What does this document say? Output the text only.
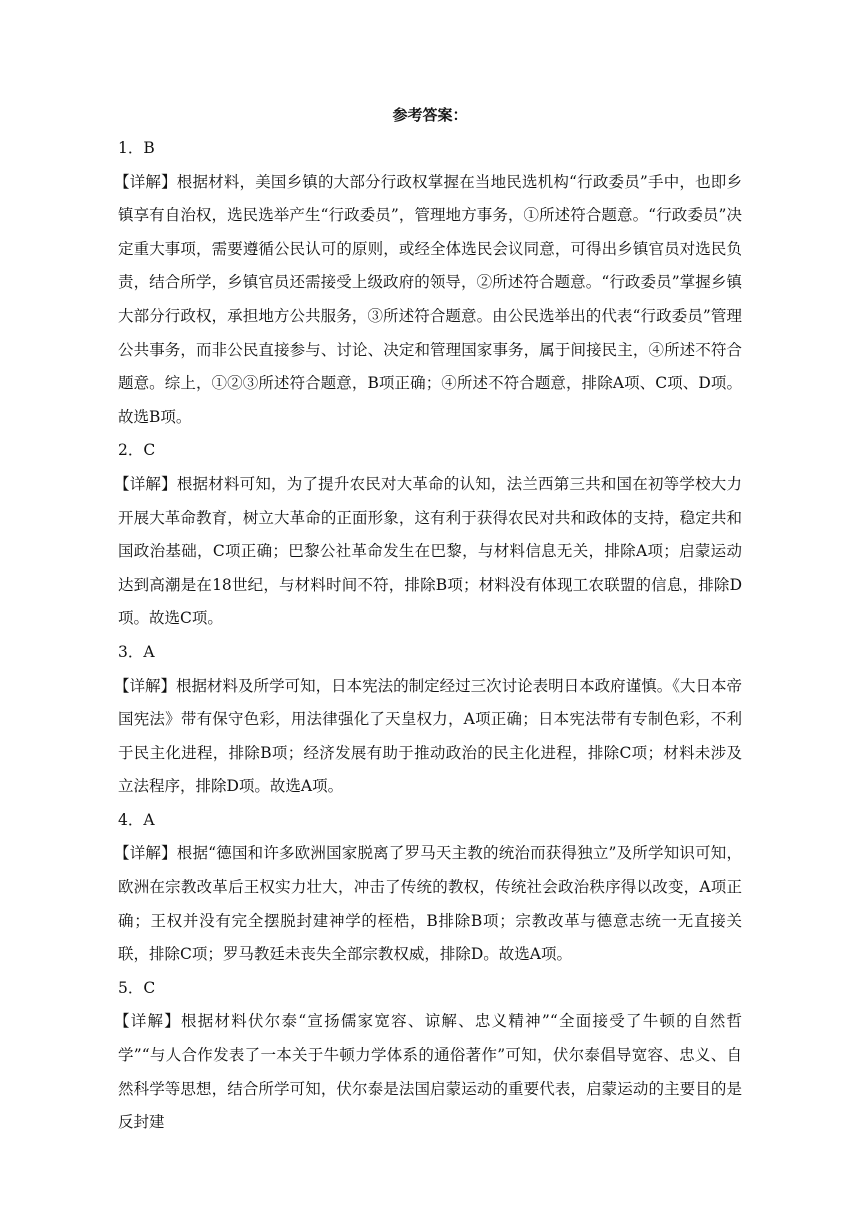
参考答案：

1．B

【详解】根据材料，美国乡镇的大部分行政权掌握在当地民选机构“行政委员”手中，也即乡镇享有自治权，选民选举产生“行政委员”，管理地方事务，①所述符合题意。“行政委员”决定重大事项，需要遵循公民认可的原则，或经全体选民会议同意，可得出乡镇官员对选民负责，结合所学，乡镇官员还需接受上级政府的领导，②所述符合题意。“行政委员”掌握乡镇大部分行政权，承担地方公共服务，③所述符合题意。由公民选举出的代表“行政委员”管理公共事务，而非公民直接参与、讨论、决定和管理国家事务，属于间接民主，④所述不符合题意。综上，①②③所述符合题意，B项正确；④所述不符合题意，排除A项、C项、D项。故选B项。

2．C

【详解】根据材料可知，为了提升农民对大革命的认知，法兰西第三共和国在初等学校大力开展大革命教育，树立大革命的正面形象，这有利于获得农民对共和政体的支持，稳定共和国政治基础，C项正确；巴黎公社革命发生在巴黎，与材料信息无关，排除A项；启蒙运动达到高潮是在18世纪，与材料时间不符，排除B项；材料没有体现工农联盟的信息，排除D项。故选C项。

3．A

【详解】根据材料及所学可知，日本宪法的制定经过三次讨论表明日本政府谨慎。《大日本帝国宪法》带有保守色彩，用法律强化了天皇权力，A项正确；日本宪法带有专制色彩，不利于民主化进程，排除B项；经济发展有助于推动政治的民主化进程，排除C项；材料未涉及立法程序，排除D项。故选A项。

4．A

【详解】根据“德国和许多欧洲国家脱离了罗马天主教的统治而获得独立”及所学知识可知，欧洲在宗教改革后王权实力壮大，冲击了传统的教权，传统社会政治秩序得以改变，A项正确；王权并没有完全摆脱封建神学的桎梏，B排除B项；宗教改革与德意志统一无直接关联，排除C项；罗马教廷未丧失全部宗教权威，排除D。故选A项。

5．C

【详解】根据材料伏尔泰“宣扬儒家宽容、谅解、忠义精神”“全面接受了牛顿的自然哲学”“与人合作发表了一本关于牛顿力学体系的通俗著作”可知，伏尔泰倡导宽容、忠义、自然科学等思想，结合所学可知，伏尔泰是法国启蒙运动的重要代表，启蒙运动的主要目的是反封建
